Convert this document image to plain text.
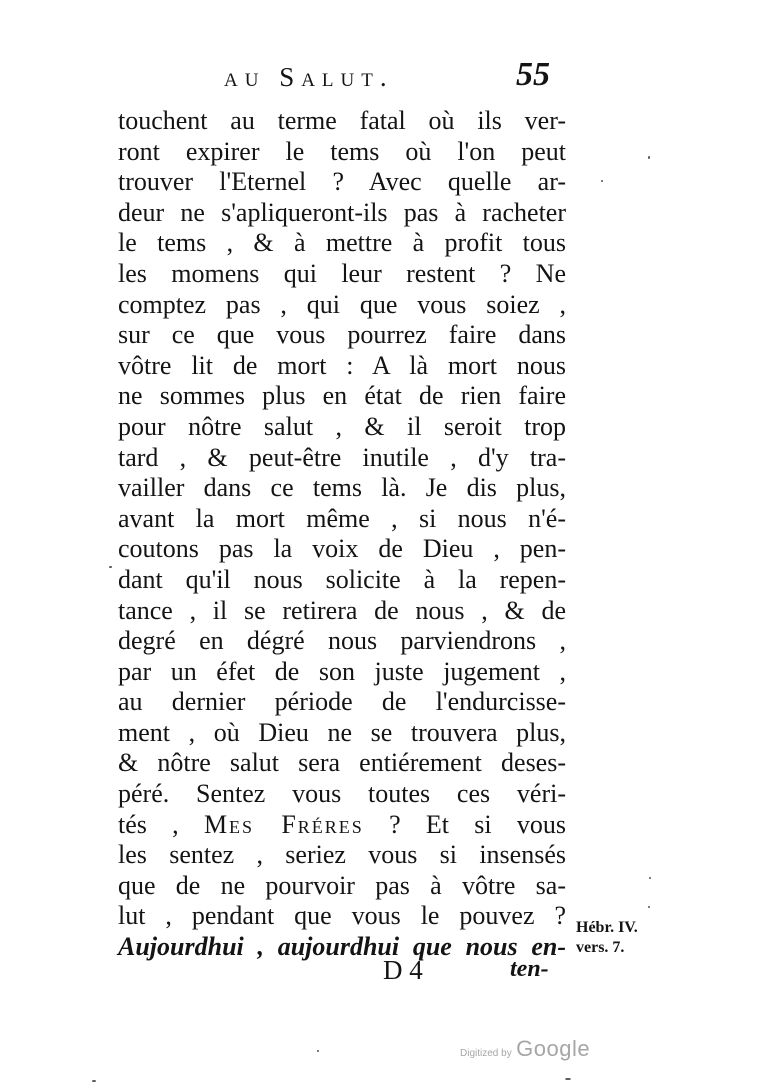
au Salut.	55
touchent au terme fatal où ils ver-
ront expirer le tems où l'on peut
trouver l'Eternel ? Avec quelle ar-
deur ne s'apliqueront-ils pas à racheter
le tems , & à mettre à profit tous
les momens qui leur restent ? Ne
comptez pas , qui que vous soiez ,
sur ce que vous pourrez faire dans
vôtre lit de mort : A là mort nous
ne sommes plus en état de rien faire
pour nôtre salut , & il seroit trop
tard , & peut-être inutile , d'y tra-
vailler dans ce tems là. Je dis plus,
avant la mort même , si nous n'é-
coutons pas la voix de Dieu , pen-
dant qu'il nous solicite à la repen-
tance , il se retirera de nous , & de
degré en dégré nous parviendrons ,
par un éfet de son juste jugement ,
au dernier période de l'endurcisse-
ment , où Dieu ne se trouvera plus,
& nôtre salut sera entiérement deses-
péré. Sentez vous toutes ces véri-
tés , Mes Fréres ? Et si vous
les sentez , seriez vous si insensés
que de ne pourvoir pas à vôtre sa-
lut , pendant que vous le pouvez ?
Aujourdhui , aujourdhui que nous en-
Hébr. IV.
vers. 7.
D 4	ten-
Digitized by Google
